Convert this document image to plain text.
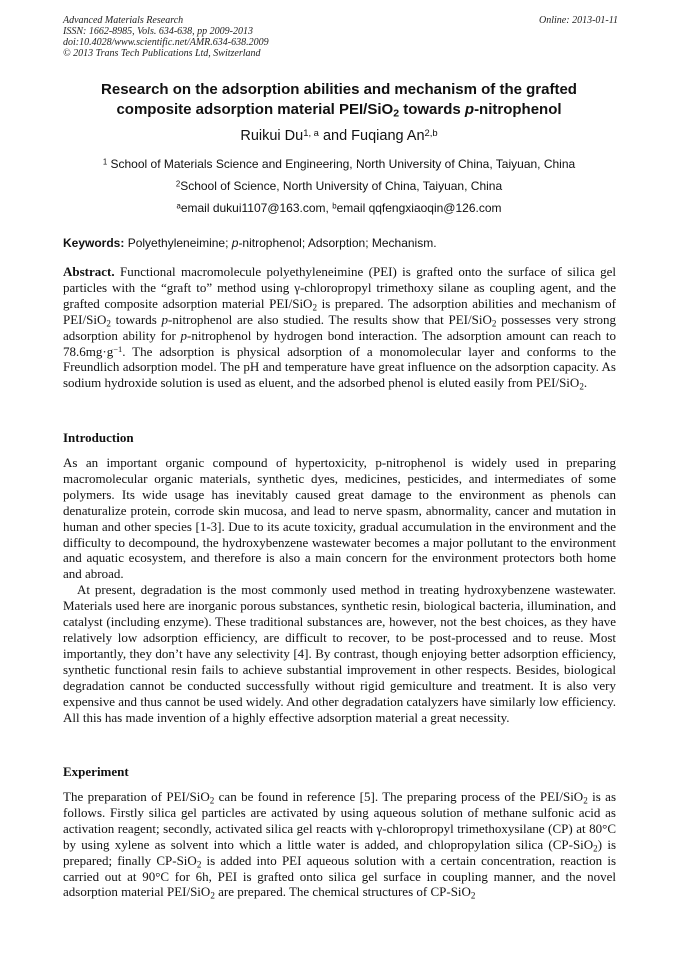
Advanced Materials Research
ISSN: 1662-8985, Vols. 634-638, pp 2009-2013
doi:10.4028/www.scientific.net/AMR.634-638.2009
© 2013 Trans Tech Publications Ltd, Switzerland
Online: 2013-01-11
Research on the adsorption abilities and mechanism of the grafted
composite adsorption material PEI/SiO$_2$ towards p-nitrophenol
Ruikui Du$^{1, a}$ and Fuqiang An$^{2,b}$
$^1$ School of Materials Science and Engineering, North University of China, Taiyuan, China
$^2$School of Science, North University of China, Taiyuan, China
$^a$email dukui1107@163.com, $^b$email qqfengxiaoqin@126.com
Keywords: Polyethyleneimine; p-nitrophenol; Adsorption; Mechanism.

Abstract. Functional macromolecule polyethyleneimine (PEI) is grafted onto the surface of silica gel particles with the “graft to” method using γ-chloropropyl trimethoxy silane as coupling agent, and the grafted composite adsorption material PEI/SiO$_2$ is prepared. The adsorption abilities and mechanism of PEI/SiO$_2$ towards p-nitrophenol are also studied. The results show that PEI/SiO$_2$ possesses very strong adsorption ability for p-nitrophenol by hydrogen bond interaction. The adsorption amount can reach to $78.6mg\cdot g^{-1}$. The adsorption is physical adsorption of a monomolecular layer and conforms to the Freundlich adsorption model. The pH and temperature have great influence on the adsorption capacity. As sodium hydroxide solution is used as eluent, and the adsorbed phenol is eluted easily from PEI/SiO$_2$.

Introduction

As an important organic compound of hypertoxicity, p-nitrophenol is widely used in preparing macromolecular organic materials, synthetic dyes, medicines, pesticides, and intermediates of some polymers. Its wide usage has inevitably caused great damage to the environment as phenols can denaturalize protein, corrode skin mucosa, and lead to nerve spasm, abnormality, cancer and mutation in human and other species [1-3]. Due to its acute toxicity, gradual accumulation in the environment and the difficulty to decompound, the hydroxybenzene wastewater becomes a major pollutant to the environment and aquatic ecosystem, and therefore is also a main concern for the environment protectors both home and abroad.

At present, degradation is the most commonly used method in treating hydroxybenzene wastewater. Materials used here are inorganic porous substances, synthetic resin, biological bacteria, illumination, and catalyst (including enzyme). These traditional substances are, however, not the best choices, as they have relatively low adsorption efficiency, are difficult to recover, to be post-processed and to reuse. Most importantly, they don’t have any selectivity [4]. By contrast, though enjoying better adsorption efficiency, synthetic functional resin fails to achieve substantial improvement in other respects. Besides, biological degradation cannot be conducted successfully without rigid gemiculture and treatment. It is also very expensive and thus cannot be used widely. And other degradation catalyzers have similarly low efficiency. All this has made invention of a highly effective adsorption material a great necessity.

Experiment

The preparation of PEI/SiO$_2$ can be found in reference [5]. The preparing process of the PEI/SiO$_2$ is as follows. Firstly silica gel particles are activated by using aqueous solution of methane sulfonic acid as activation reagent; secondly, activated silica gel reacts with γ-chloropropyl trimethoxysilane (CP) at 80°C by using xylene as solvent into which a little water is added, and chlopropylation silica (CP-SiO$_2$) is prepared; finally CP-SiO$_2$ is added into PEI aqueous solution with a certain concentration, reaction is carried out at 90°C for 6h, PEI is grafted onto silica gel surface in coupling manner, and the novel adsorption material PEI/SiO$_2$ are prepared. The chemical structures of CP-SiO$_2$
